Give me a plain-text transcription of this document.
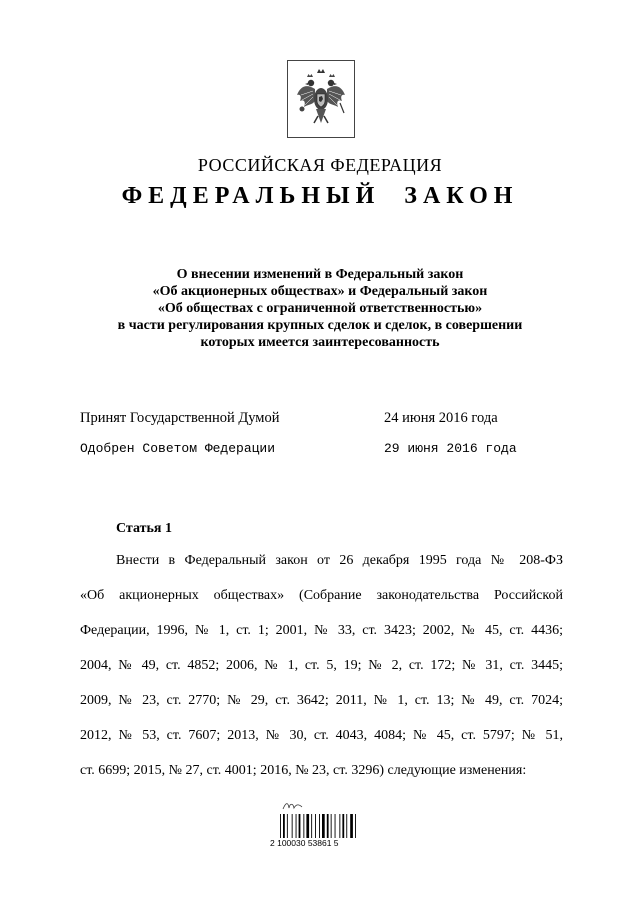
РОССИЙСКАЯ ФЕДЕРАЦИЯ
ФЕДЕРАЛЬНЫЙ ЗАКОН
О внесении изменений в Федеральный закон
«Об акционерных обществах» и Федеральный закон
«Об обществах с ограниченной ответственностью»
в части регулирования крупных сделок и сделок, в совершении
которых имеется заинтересованность
Принят Государственной Думой	24 июня 2016 года
Одобрен Советом Федерации	29 июня 2016 года
Статья 1
Внести в Федеральный закон от 26 декабря 1995 года № 208-ФЗ
«Об акционерных обществах» (Собрание законодательства Российской
Федерации, 1996, № 1, ст. 1; 2001, № 33, ст. 3423; 2002, № 45, ст. 4436;
2004, № 49, ст. 4852; 2006, № 1, ст. 5, 19; № 2, ст. 172; № 31, ст. 3445;
2009, № 23, ст. 2770; № 29, ст. 3642; 2011, № 1, ст. 13; № 49, ст. 7024;
2012, № 53, ст. 7607; 2013, № 30, ст. 4043, 4084; № 45, ст. 5797; № 51,
ст. 6699; 2015, № 27, ст. 4001; 2016, № 23, ст. 3296) следующие изменения:
2 100030 53861 5
